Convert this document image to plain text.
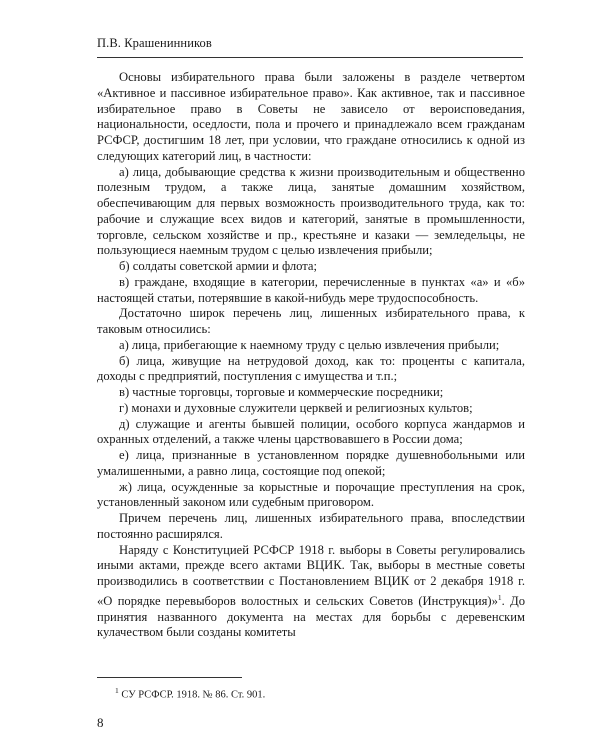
П.В. Крашенинников

Основы избирательного права были заложены в разделе четвертом «Активное и пассивное избирательное право». Как активное, так и пассивное избирательное право в Советы не зависело от вероисповедания, национальности, оседлости, пола и прочего и принадлежало всем гражданам РСФСР, достигшим 18 лет, при условии, что граждане относились к одной из следующих категорий лиц, в частности:

а) лица, добывающие средства к жизни производительным и общественно полезным трудом, а также лица, занятые домашним хозяйством, обеспечивающим для первых возможность производительного труда, как то: рабочие и служащие всех видов и категорий, занятые в промышленности, торговле, сельском хозяйстве и пр., крестьяне и казаки — земледельцы, не пользующиеся наемным трудом с целью извлечения прибыли;

б) солдаты советской армии и флота;

в) граждане, входящие в категории, перечисленные в пунктах «а» и «б» настоящей статьи, потерявшие в какой-нибудь мере трудоспособность.

Достаточно широк перечень лиц, лишенных избирательного права, к таковым относились:

а) лица, прибегающие к наемному труду с целью извлечения прибыли;

б) лица, живущие на нетрудовой доход, как то: проценты с капитала, доходы с предприятий, поступления с имущества и т.п.;

в) частные торговцы, торговые и коммерческие посредники;

г) монахи и духовные служители церквей и религиозных культов;

д) служащие и агенты бывшей полиции, особого корпуса жандармов и охранных отделений, а также члены царствовавшего в России дома;

е) лица, признанные в установленном порядке душевнобольными или умалишенными, а равно лица, состоящие под опекой;

ж) лица, осужденные за корыстные и порочащие преступления на срок, установленный законом или судебным приговором.

Причем перечень лиц, лишенных избирательного права, впоследствии постоянно расширялся.

Наряду с Конституцией РСФСР 1918 г. выборы в Советы регулировались иными актами, прежде всего актами ВЦИК. Так, выборы в местные советы производились в соответствии с Постановлением ВЦИК от 2 декабря 1918 г. «О порядке перевыборов волостных и сельских Советов (Инструкция)»$^1$. До принятия названного документа на местах для борьбы с деревенским кулачеством были созданы комитеты

$^1$ СУ РСФСР. 1918. № 86. Ст. 901.
8
